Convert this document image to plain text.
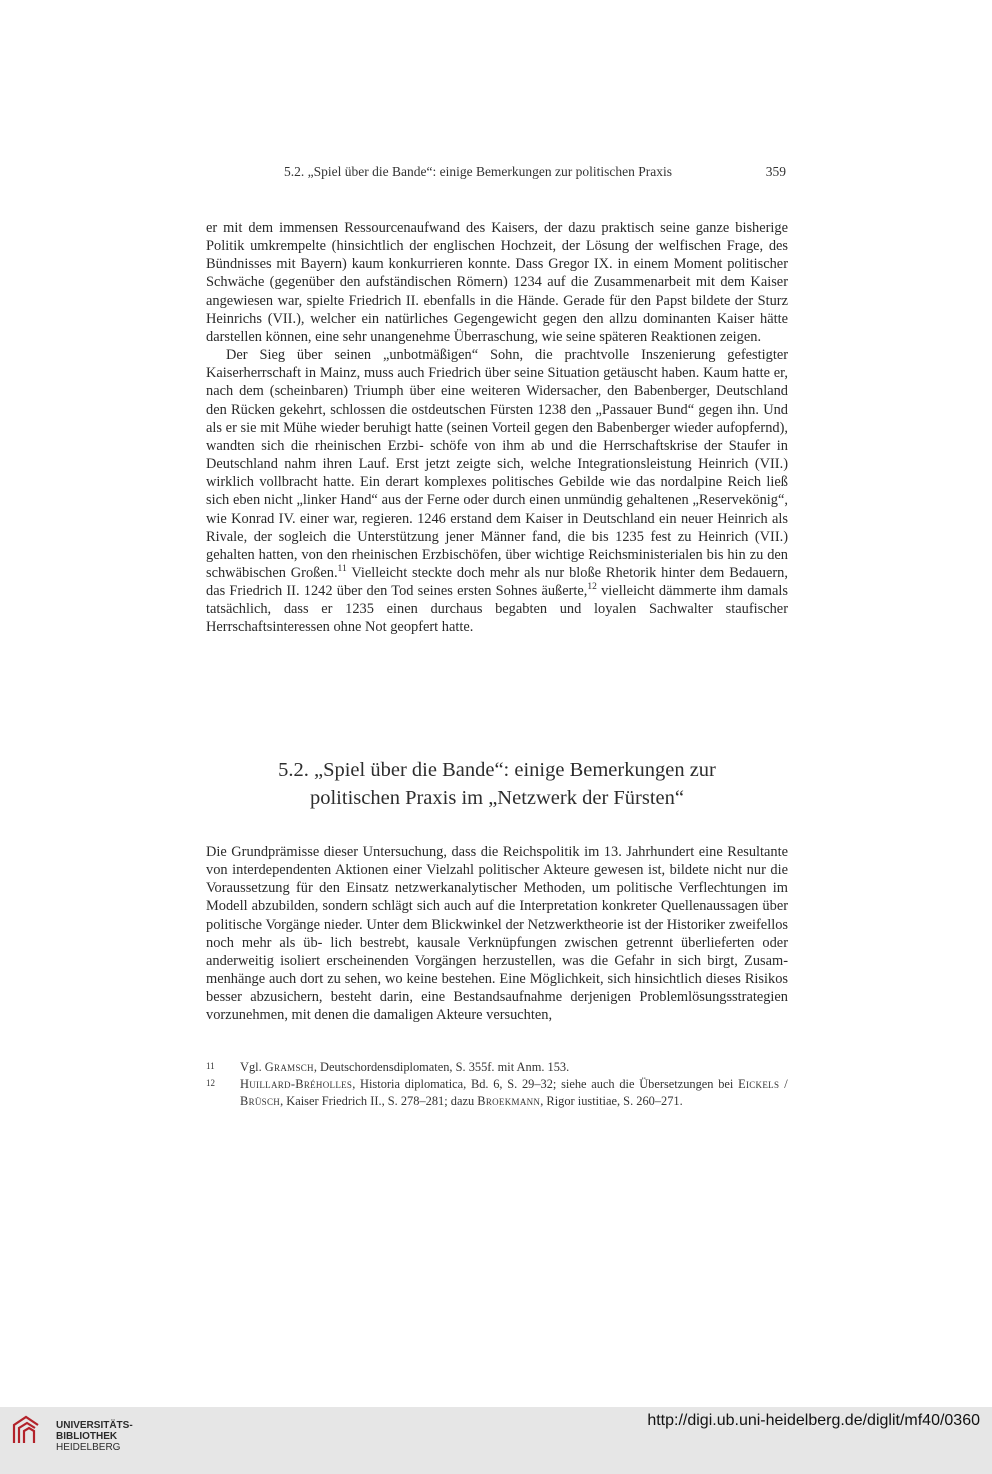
5.2. „Spiel über die Bande“: einige Bemerkungen zur politischen Praxis	359

er mit dem immensen Ressourcenaufwand des Kaisers, der dazu praktisch seine ganze bisherige Politik umkrempelte (hinsichtlich der englischen Hochzeit, der Lösung der welfischen Frage, des Bündnisses mit Bayern) kaum konkurrieren konnte. Dass Gregor IX. in einem Moment politischer Schwäche (gegenüber den aufständischen Römern) 1234 auf die Zusammenarbeit mit dem Kaiser angewiesen war, spielte Friedrich II. ebenfalls in die Hände. Gerade für den Papst bildete der Sturz Heinrichs (VII.), welcher ein natürliches Gegengewicht gegen den allzu dominanten Kaiser hätte darstellen können, eine sehr unangenehme Überraschung, wie seine späteren Reaktionen zeigen.

Der Sieg über seinen „unbotmäßigen“ Sohn, die prachtvolle Inszenierung gefestigter Kaiserherrschaft in Mainz, muss auch Friedrich über seine Situation getäuscht haben. Kaum hatte er, nach dem (scheinbaren) Triumph über eine weiteren Widersacher, den Babenberger, Deutschland den Rücken gekehrt, schlossen die ostdeutschen Fürsten 1238 den „Passauer Bund“ gegen ihn. Und als er sie mit Mühe wieder beruhigt hatte (seinen Vorteil gegen den Babenberger wieder aufopfernd), wandten sich die rheinischen Erzbi- schöfe von ihm ab und die Herrschaftskrise der Staufer in Deutschland nahm ihren Lauf. Erst jetzt zeigte sich, welche Integrationsleistung Heinrich (VII.) wirklich vollbracht hatte. Ein derart komplexes politisches Gebilde wie das nordalpine Reich ließ sich eben nicht „linker Hand“ aus der Ferne oder durch einen unmündig gehaltenen „Reservekönig“, wie Konrad IV. einer war, regieren. 1246 erstand dem Kaiser in Deutschland ein neuer Heinrich als Rivale, der sogleich die Unterstützung jener Männer fand, die bis 1235 fest zu Heinrich (VII.) gehalten hatten, von den rheinischen Erzbischöfen, über wichtige Reichsministerialen bis hin zu den schwäbischen Großen.$^{11}$ Vielleicht steckte doch mehr als nur bloße Rhetorik hinter dem Bedauern, das Friedrich II. 1242 über den Tod seines ersten Sohnes äußerte,$^{12}$ vielleicht dämmerte ihm damals tatsächlich, dass er 1235 einen durchaus begabten und loyalen Sachwalter staufischer Herrschaftsinteressen ohne Not geopfert hatte.

5.2. „Spiel über die Bande“: einige Bemerkungen zur
politischen Praxis im „Netzwerk der Fürsten“

Die Grundprämisse dieser Untersuchung, dass die Reichspolitik im 13. Jahrhundert eine Resultante von interdependenten Aktionen einer Vielzahl politischer Akteure gewesen ist, bildete nicht nur die Voraussetzung für den Einsatz netzwerkanalytischer Methoden, um politische Verflechtungen im Modell abzubilden, sondern schlägt sich auch auf die Interpretation konkreter Quellenaussagen über politische Vorgänge nieder. Unter dem Blickwinkel der Netzwerktheorie ist der Historiker zweifellos noch mehr als üb- lich bestrebt, kausale Verknüpfungen zwischen getrennt überlieferten oder anderweitig isoliert erscheinenden Vorgängen herzustellen, was die Gefahr in sich birgt, Zusam- menhänge auch dort zu sehen, wo keine bestehen. Eine Möglichkeit, sich hinsichtlich dieses Risikos besser abzusichern, besteht darin, eine Bestandsaufnahme derjenigen Problemlösungsstrategien vorzunehmen, mit denen die damaligen Akteure versuchten,

11	Vgl. Gramsch, Deutschordensdiplomaten, S. 355f. mit Anm. 153.
12	Huillard-Bréholles, Historia diplomatica, Bd. 6, S. 29–32; siehe auch die Übersetzungen bei Eickels / Brüsch, Kaiser Friedrich II., S. 278–281; dazu Broekmann, Rigor iustitiae, S. 260–271.
UNIVERSITÄTS-
BIBLIOTHEK
HEIDELBERG
http://digi.ub.uni-heidelberg.de/diglit/mf40/0360
